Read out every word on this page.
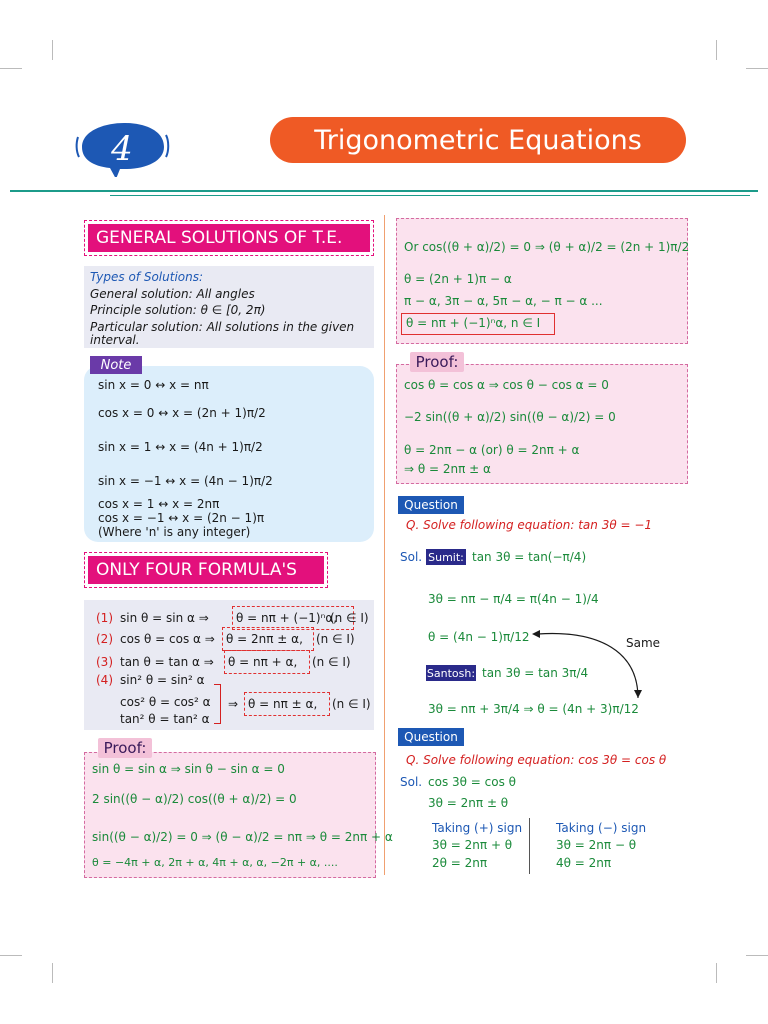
4	Trigonometric Equations
GENERAL SOLUTIONS OF T.E.
Types of Solutions:
General solution: All angles
Principle solution: θ ∈ [0, 2π)
Particular solution: All solutions in the given
interval.
Note
sin x = 0 ↔ x = nπ
cos x = 0 ↔ x = (2n + 1)π/2
sin x = 1 ↔ x = (4n + 1)π/2
sin x = −1 ↔ x = (4n − 1)π/2
cos x = 1 ↔ x = 2nπ
cos x = −1 ↔ x = (2n − 1)π
(Where 'n' is any integer)
ONLY FOUR FORMULA'S
(1) sin θ = sin α ⇒ θ = nπ + (−1)ⁿα,
(n ∈ I)
(2) cos θ = cos α ⇒ θ = 2nπ ± α, (n ∈ I)
(3) tan θ = tan α ⇒ θ = nπ + α, (n ∈ I)
(4) sin² θ = sin² α
cos² θ = cos² α
tan² θ = tan² α
⇒ θ = nπ ± α, (n ∈ I)
Proof:
sin θ = sin α ⇒ sin θ − sin α = 0
2 sin((θ − α)/2) cos((θ + α)/2) = 0
sin((θ − α)/2) = 0 ⇒ (θ − α)/2 = nπ ⇒ θ = 2nπ + α
θ = −4π + α, 2π + α, 4π + α, α, −2π + α, ....
Or cos((θ + α)/2) = 0 ⇒ (θ + α)/2 = (2n + 1)π/2
θ = (2n + 1)π − α
π − α, 3π − α, 5π − α, − π − α ...
θ = nπ + (−1)ⁿα, n ∈ I
Proof:
cos θ = cos α ⇒ cos θ − cos α = 0
−2 sin((θ + α)/2) sin((θ − α)/2) = 0
θ = 2nπ − α (or) θ = 2nπ + α
⇒ θ = 2nπ ± α
Question
Q. Solve following equation: tan 3θ = −1
Sol. Sumit: tan 3θ = tan(−π/4)
3θ = nπ − π/4 = π(4n − 1)/4
θ = (4n − 1)π/12	Same
Santosh: tan 3θ = tan 3π/4
3θ = nπ + 3π/4 ⇒ θ = (4n + 3)π/12
Question
Q. Solve following equation: cos 3θ = cos θ
Sol. cos 3θ = cos θ
3θ = 2nπ ± θ
Taking (+) sign
3θ = 2nπ + θ
2θ = 2nπ
Taking (−) sign
3θ = 2nπ − θ
4θ = 2nπ
